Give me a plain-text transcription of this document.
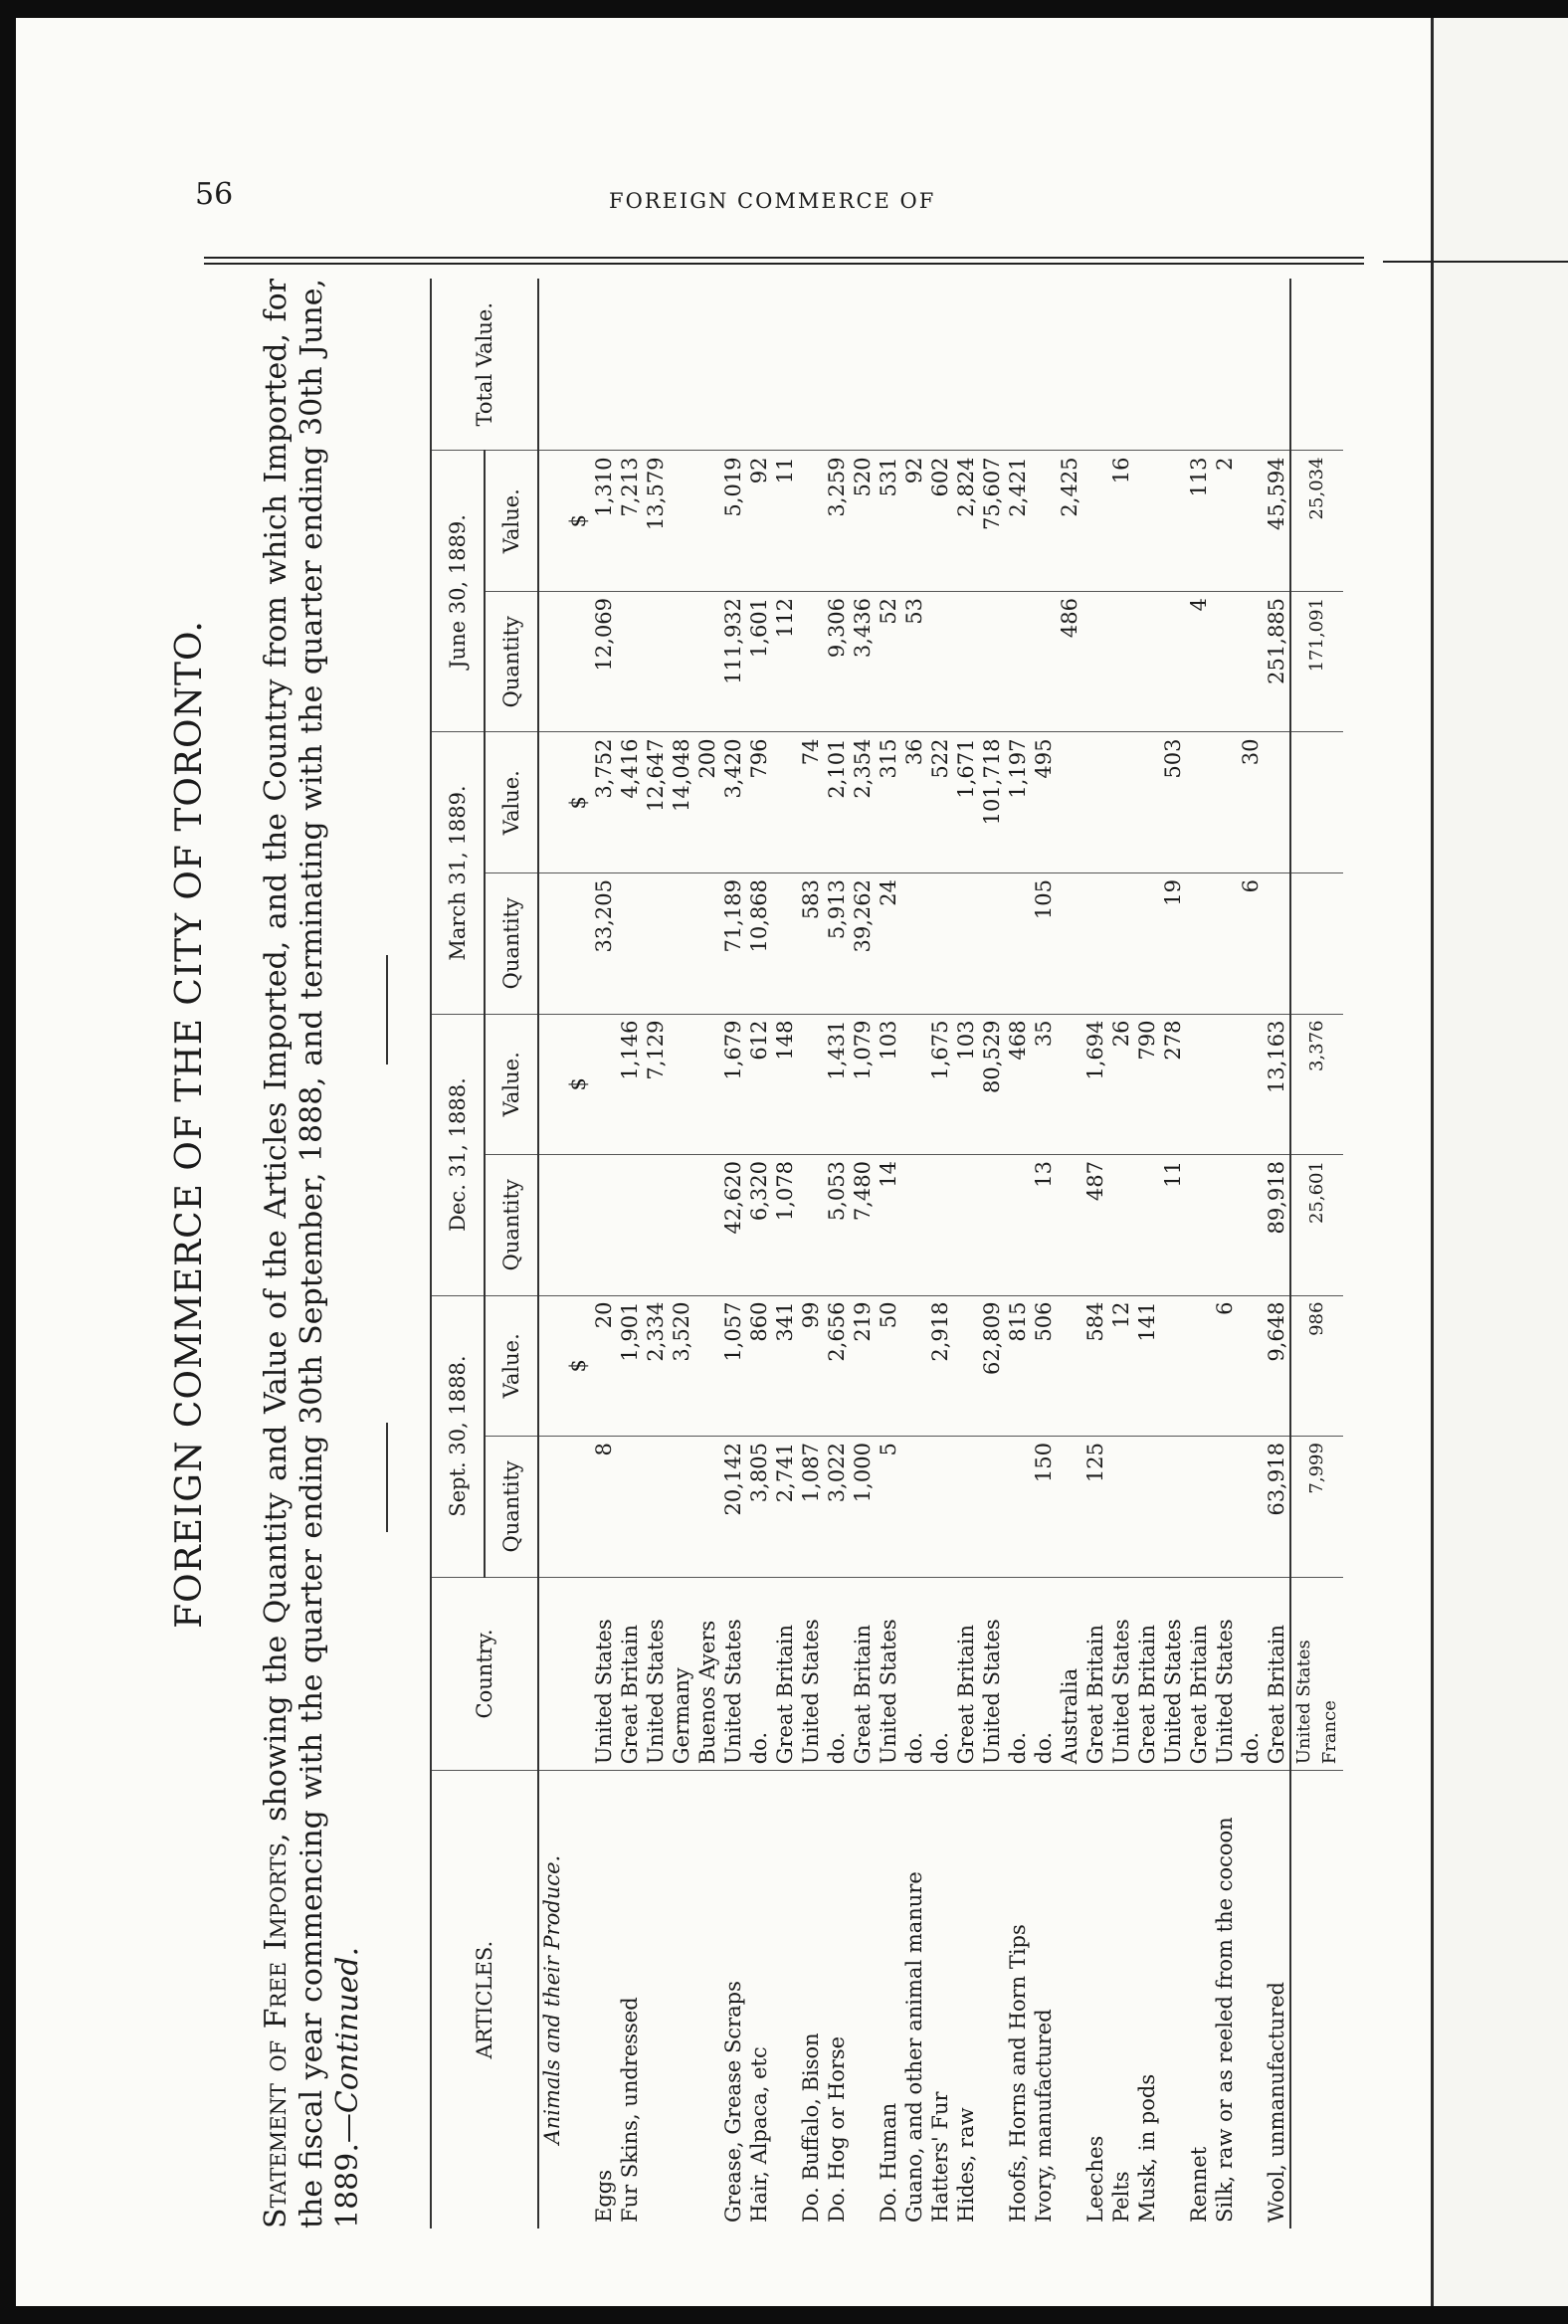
56	FOREIGN COMMERCE OF
FOREIGN COMMERCE OF THE CITY OF TORONTO.
Statement of Free Imports, showing the Quantity and Value of the Articles Imported, and the Country from which Imported, for the fiscal year commencing with the quarter ending 30th September, 1888, and terminating with the quarter ending 30th June, 1889.—Continued.	ARTICLES.	Country.	Sept. 30, 1888.		Dec. 31, 1888.		March 31, 1889.		June 30, 1889.		Total Value.
		Quantity	Value.	Quantity	Value.	Quantity	Value.	Quantity	Value.	
Animals and their Produce.										
			$		$		$		$	
Eggs	United States	8	20			33,205	3,752	12,069	1,310	
Fur Skins, undressed	Great Britain		1,901		1,146		4,416		7,213	
	United States		2,334		7,129		12,647		13,579	
	Germany		3,520				14,048			
	Buenos Ayers						200			
Grease, Grease Scraps	United States	20,142	1,057	42,620	1,679	71,189	3,420	111,932	5,019	
Hair, Alpaca, etc	do.	3,805	860	6,320	612	10,868	796	1,601	92	
	Great Britain	2,741	341	1,078	148			112	11	
Do. Buffalo, Bison	United States	1,087	99			583	74			
Do. Hog or Horse	do.	3,022	2,656	5,053	1,431	5,913	2,101	9,306	3,259	
	Great Britain	1,000	219	7,480	1,079	39,262	2,354	3,436	520	
Do. Human	United States	5	50	14	103	24	315	52	531	
Guano, and other animal manure	do.						36	53	92	
Hatters' Fur	do.		2,918		1,675		522		602	
Hides, raw	Great Britain				103		1,671		2,824	
	United States		62,809		80,529		101,718		75,607	
Hoofs, Horns and Horn Tips	do.		815		468		1,197		2,421	
Ivory, manufactured	do.	150	506	13	35	105	495			
	Australia							486	2,425	
Leeches	Great Britain	125	584	487	1,694					
Pelts	United States		12		26				16	
Musk, in pods	Great Britain		141		790					
	United States			11	278	19	503			
Rennet	Great Britain							4	113	
Silk, raw or as reeled from the cocoon	United States		6						2	
	do.					6	30			
Wool, unmanufactured	Great Britain	63,918	9,648	89,918	13,163			251,885	45,594	
	United States France	7,999	986	25,601	3,376			171,091	25,034	
